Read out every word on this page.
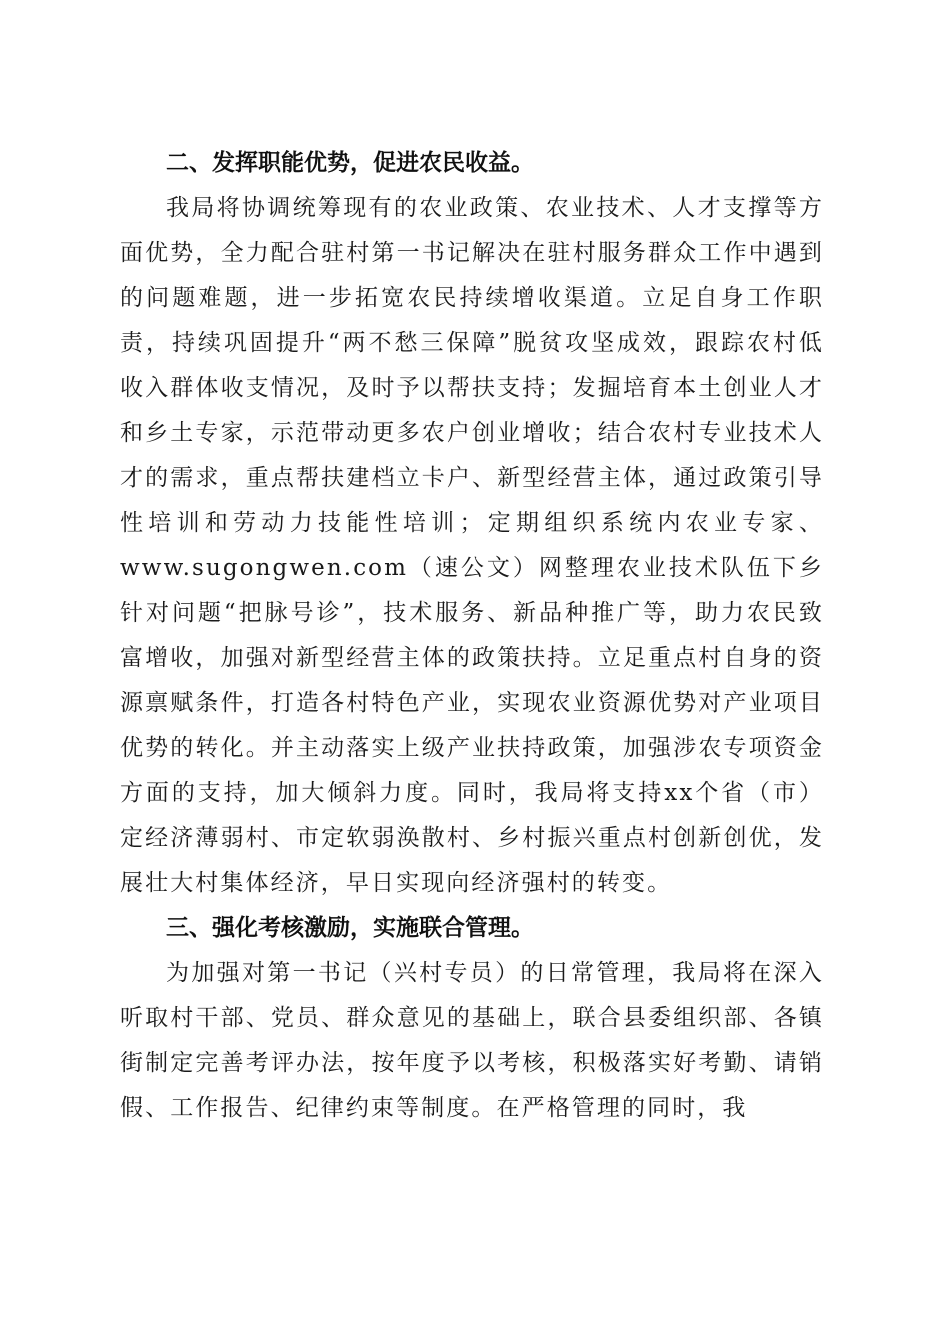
二、发挥职能优势，促进农民收益。

我局将协调统筹现有的农业政策、农业技术、人才支撑等方面优势，全力配合驻村第一书记解决在驻村服务群众工作中遇到的问题难题，进一步拓宽农民持续增收渠道。立足自身工作职责，持续巩固提升“两不愁三保障”脱贫攻坚成效，跟踪农村低收入群体收支情况，及时予以帮扶支持；发掘培育本土创业人才和乡土专家，示范带动更多农户创业增收；结合农村专业技术人才的需求，重点帮扶建档立卡户、新型经营主体，通过政策引导性培训和劳动力技能性培训；定期组织系统内农业专家、www.sugongwen.com（速公文）网整理农业技术队伍下乡针对问题“把脉号诊”，技术服务、新品种推广等，助力农民致富增收，加强对新型经营主体的政策扶持。立足重点村自身的资源禀赋条件，打造各村特色产业，实现农业资源优势对产业项目优势的转化。并主动落实上级产业扶持政策，加强涉农专项资金方面的支持，加大倾斜力度。同时，我局将支持xx个省（市）定经济薄弱村、市定软弱涣散村、乡村振兴重点村创新创优，发展壮大村集体经济，早日实现向经济强村的转变。

三、强化考核激励，实施联合管理。

为加强对第一书记（兴村专员）的日常管理，我局将在深入听取村干部、党员、群众意见的基础上，联合县委组织部、各镇街制定完善考评办法，按年度予以考核，积极落实好考勤、请销假、工作报告、纪律约束等制度。在严格管理的同时，我
